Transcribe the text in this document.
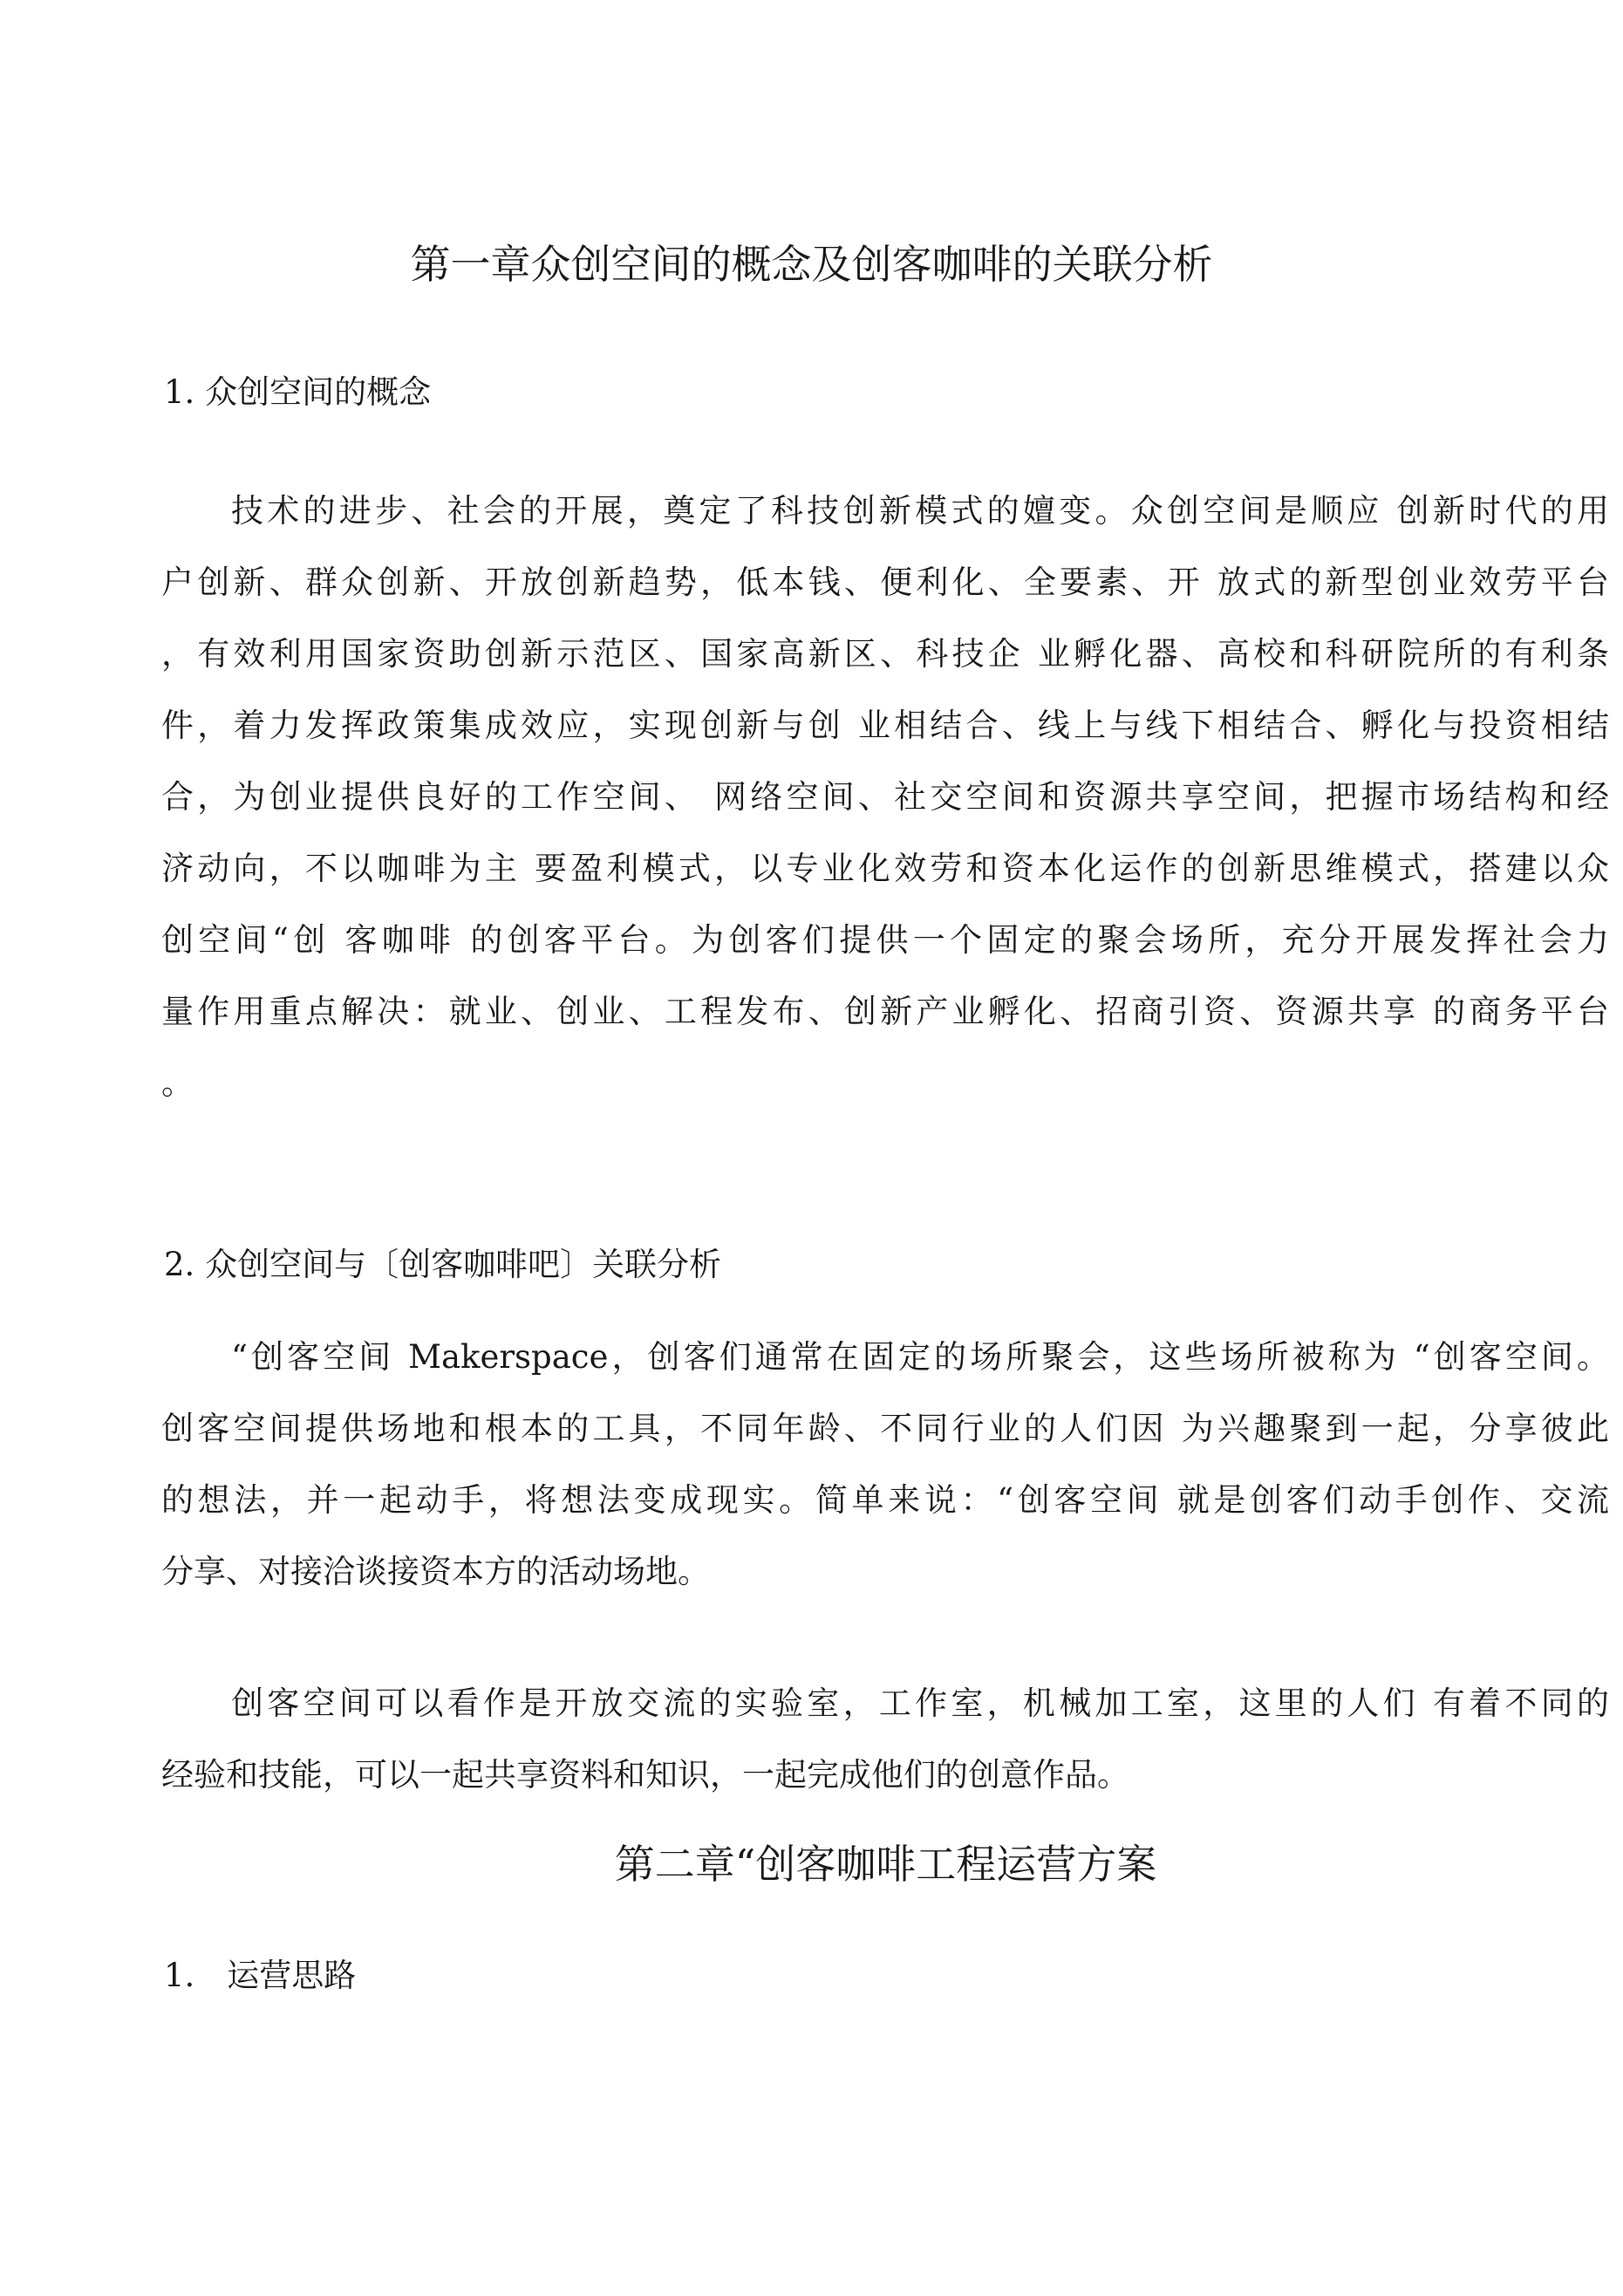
第一章众创空间的概念及创客咖啡的关联分析
1. 众创空间的概念
技术的进步、社会的开展，奠定了科技创新模式的嬗变。众创空间是顺应 创新时代的用
户创新、群众创新、开放创新趋势，低本钱、便利化、全要素、开 放式的新型创业效劳平台
，有效利用国家资助创新示范区、国家高新区、科技企 业孵化器、高校和科研院所的有利条
件，着力发挥政策集成效应，实现创新与创 业相结合、线上与线下相结合、孵化与投资相结
合，为创业提供良好的工作空间、 网络空间、社交空间和资源共享空间，把握市场结构和经
济动向，不以咖啡为主 要盈利模式，以专业化效劳和资本化运作的创新思维模式，搭建以众
创空间“创 客咖啡 的创客平台。为创客们提供一个固定的聚会场所，充分开展发挥社会力
量作用重点解决：就业、创业、工程发布、创新产业孵化、招商引资、资源共享 的商务平台
。
2. 众创空间与〔创客咖啡吧〕关联分析
“创客空间 Makerspace，创客们通常在固定的场所聚会，这些场所被称为 “创客空间。
创客空间提供场地和根本的工具，不同年龄、不同行业的人们因 为兴趣聚到一起，分享彼此
的想法，并一起动手，将想法变成现实。简单来说：“创客空间 就是创客们动手创作、交流
分享、对接洽谈接资本方的活动场地。
创客空间可以看作是开放交流的实验室，工作室，机械加工室，这里的人们 有着不同的
经验和技能，可以一起共享资料和知识，一起完成他们的创意作品。
第二章“创客咖啡工程运营方案
1.　运营思路
